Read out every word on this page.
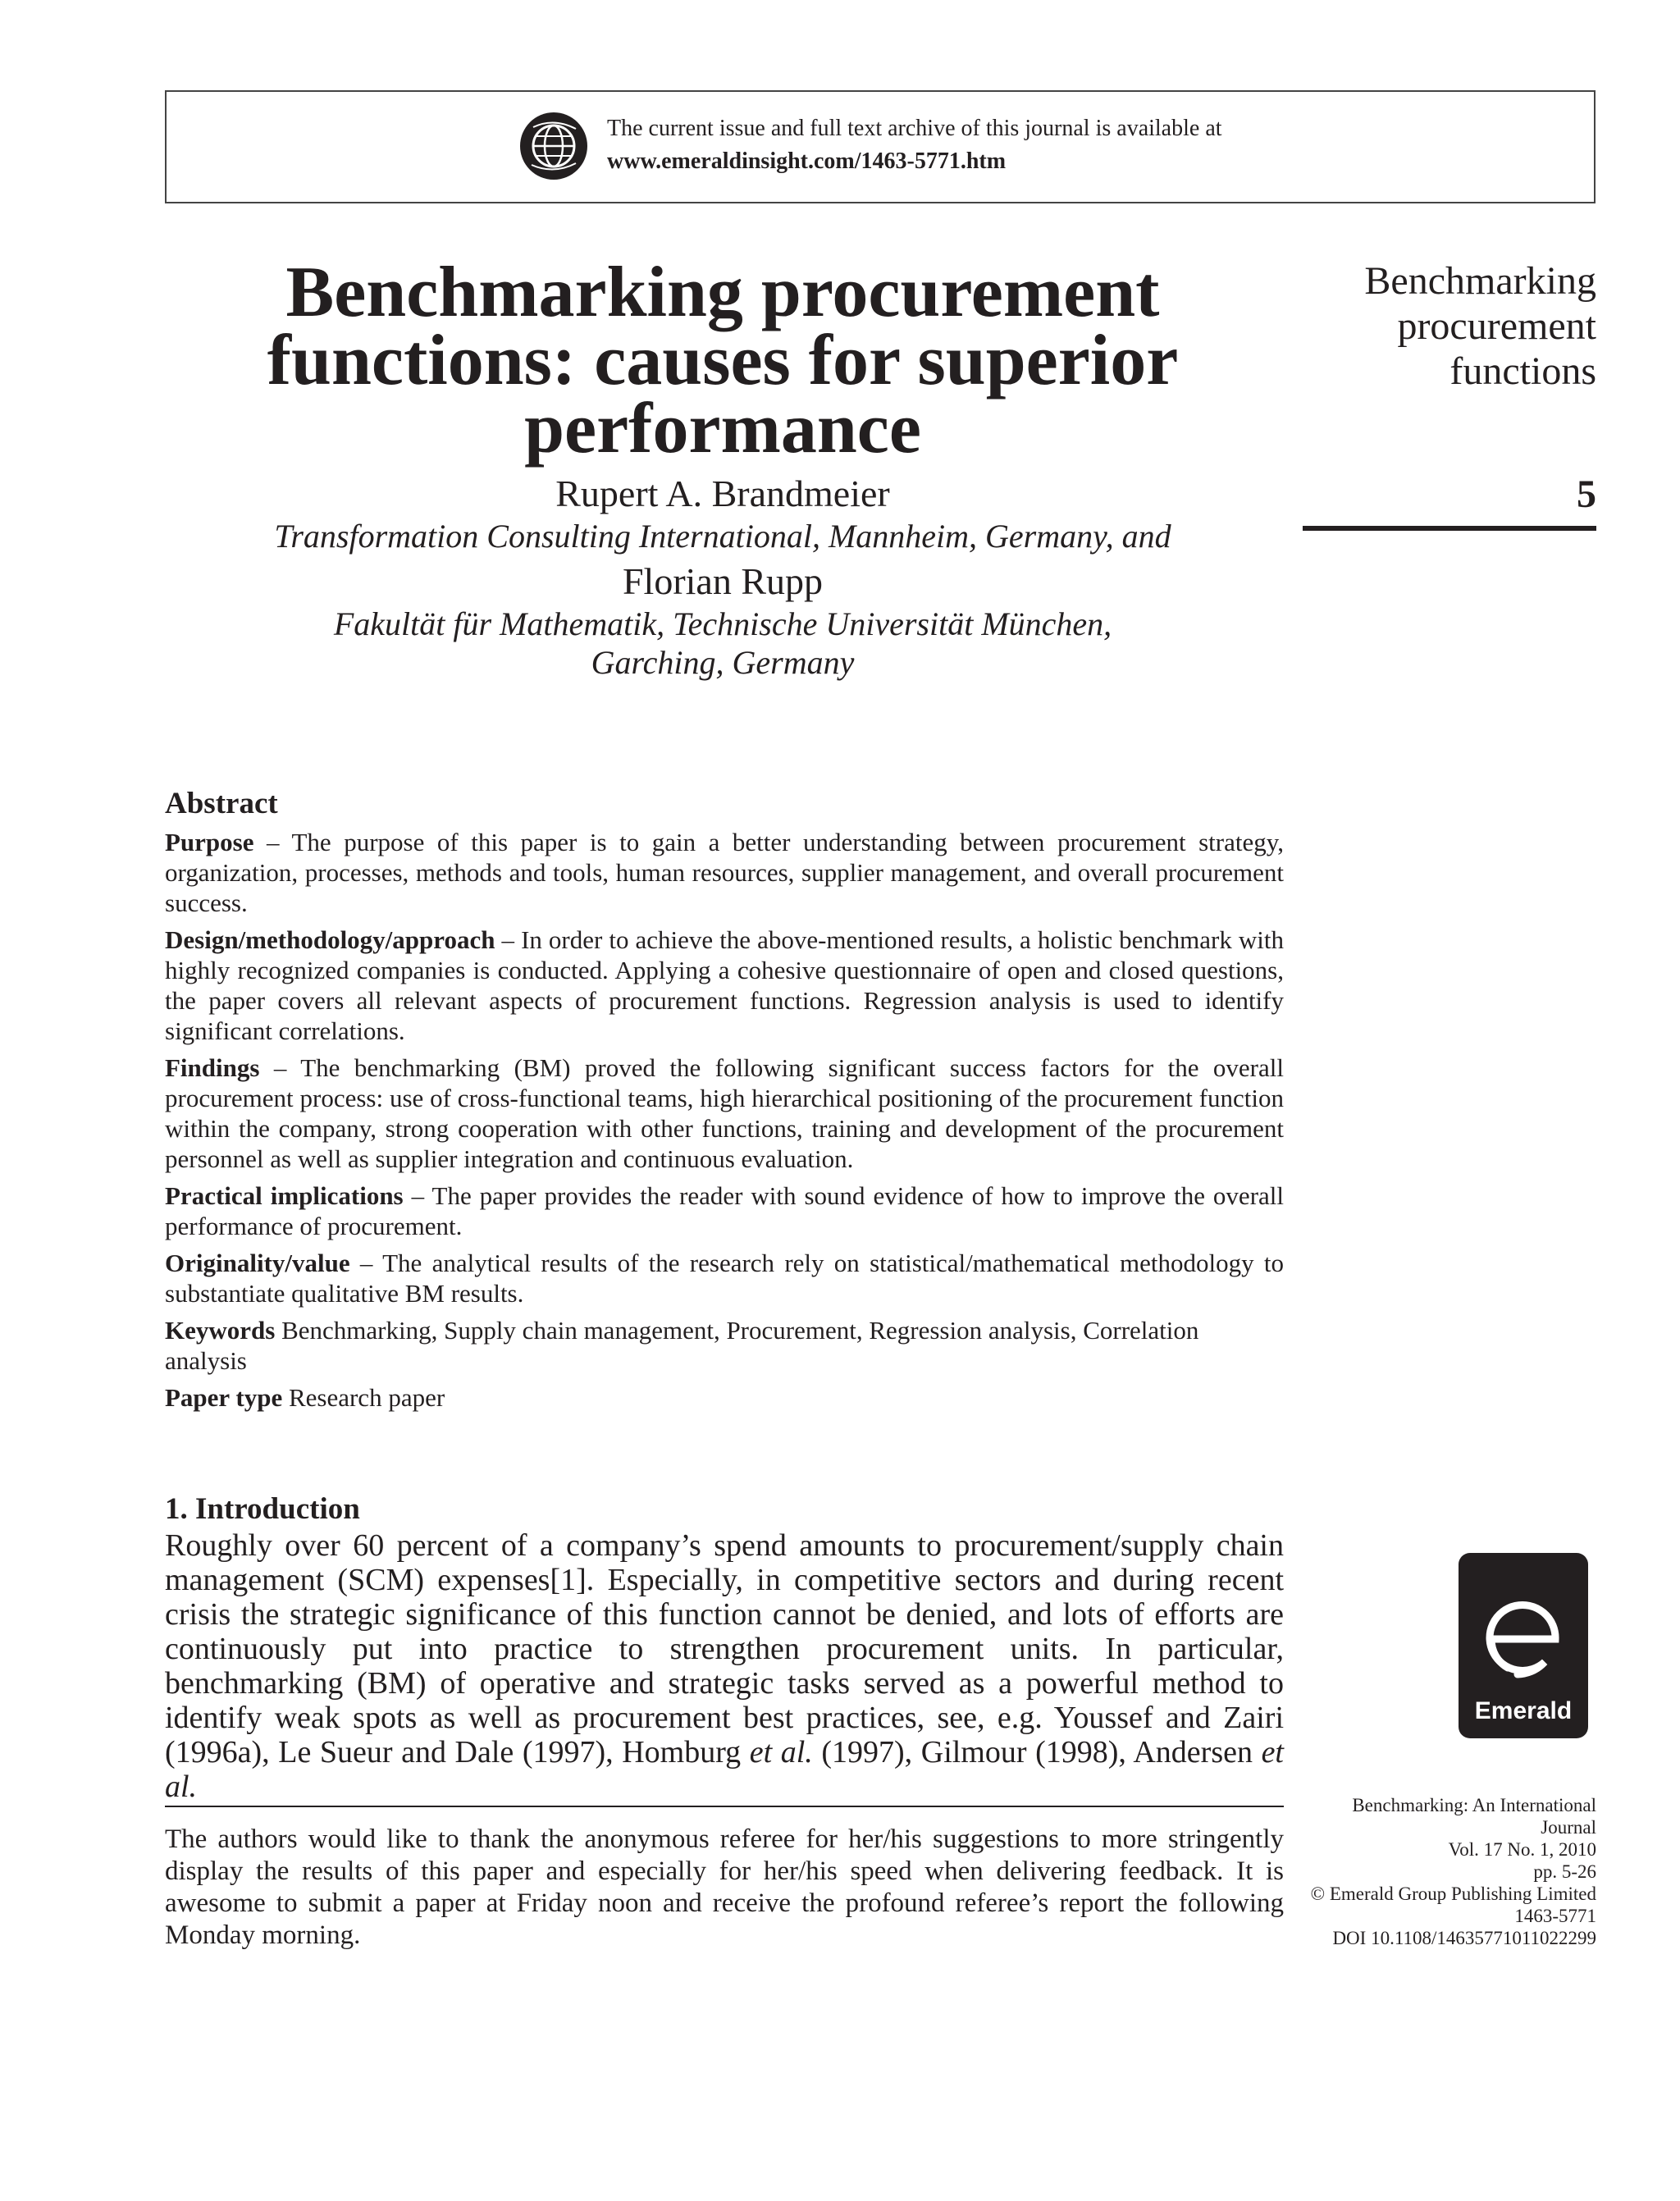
The current issue and full text archive of this journal is available at
www.emeraldinsight.com/1463-5771.htm
Benchmarking procurement
functions: causes for superior
performance
Rupert A. Brandmeier
Transformation Consulting International, Mannheim, Germany, and
Florian Rupp
Fakultät für Mathematik, Technische Universität München,
Garching, Germany
Benchmarking
procurement
functions
5
Abstract

Purpose – The purpose of this paper is to gain a better understanding between procurement strategy, organization, processes, methods and tools, human resources, supplier management, and overall procurement success.

Design/methodology/approach – In order to achieve the above-mentioned results, a holistic benchmark with highly recognized companies is conducted. Applying a cohesive questionnaire of open and closed questions, the paper covers all relevant aspects of procurement functions. Regression analysis is used to identify significant correlations.

Findings – The benchmarking (BM) proved the following significant success factors for the overall procurement process: use of cross-functional teams, high hierarchical positioning of the procurement function within the company, strong cooperation with other functions, training and development of the procurement personnel as well as supplier integration and continuous evaluation.

Practical implications – The paper provides the reader with sound evidence of how to improve the overall performance of procurement.

Originality/value – The analytical results of the research rely on statistical/mathematical methodology to substantiate qualitative BM results.

Keywords Benchmarking, Supply chain management, Procurement, Regression analysis, Correlation analysis

Paper type Research paper

1. Introduction

Roughly over 60 percent of a company’s spend amounts to procurement/supply chain management (SCM) expenses[1]. Especially, in competitive sectors and during recent crisis the strategic significance of this function cannot be denied, and lots of efforts are continuously put into practice to strengthen procurement units. In particular, benchmarking (BM) of operative and strategic tasks served as a powerful method to identify weak spots as well as procurement best practices, see, e.g. Youssef and Zairi (1996a), Le Sueur and Dale (1997), Homburg et al. (1997), Gilmour (1998), Andersen et al.

The authors would like to thank the anonymous referee for her/his suggestions to more stringently display the results of this paper and especially for her/his speed when delivering feedback. It is awesome to submit a paper at Friday noon and receive the profound referee’s report the following Monday morning.
Emerald
Benchmarking: An International
Journal
Vol. 17 No. 1, 2010
pp. 5-26
© Emerald Group Publishing Limited
1463-5771
DOI 10.1108/14635771011022299
